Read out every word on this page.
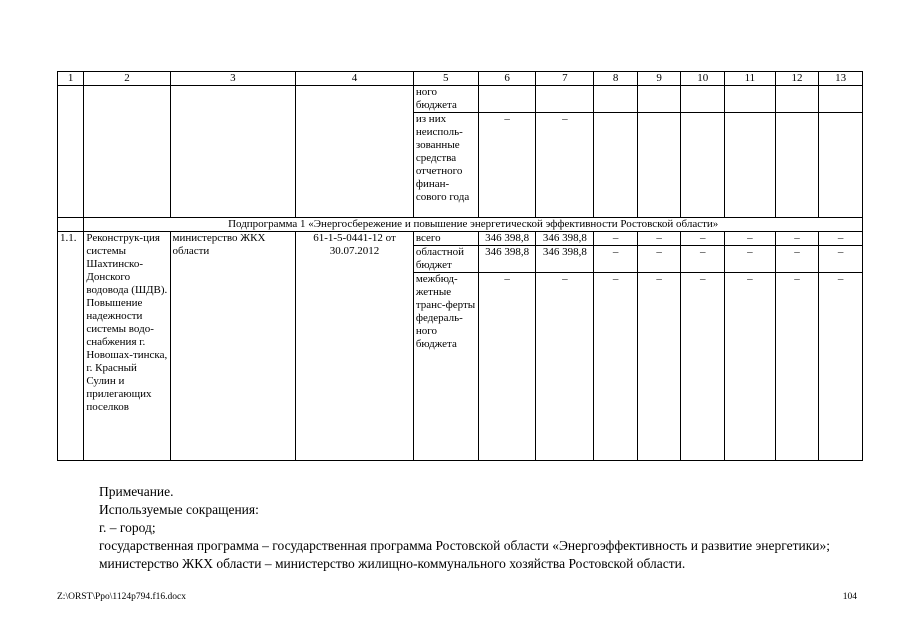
1	2	3	4	5	6	7	8	9	10	11	12	13
				ного бюджета								
				из них неисполь-зованные средства отчетного финан-сового года	–	–						
	Подпрограмма 1 «Энергосбережение и повышение энергетической эффективности Ростовской области»											
1.1.	Реконструк-ция системы Шахтинско-Донского водовода (ШДВ). Повышение надежности системы водо-снабжения г. Новошах-тинска, г. Красный Сулин и прилегающих поселков	министерство ЖКХ области	61-1-5-0441-12 от 30.07.2012	всего	346 398,8	346 398,8	–	–	–	–	–	–
				областной бюджет	346 398,8	346 398,8	–	–	–	–	–	–
				межбюд-жетные транс-ферты федераль-ного бюджета	–	–	–	–	–	–	–	–

Примечание.

Используемые сокращения:

г. – город;

государственная программа – государственная программа Ростовской области «Энергоэффективность и развитие энергетики»;

министерство ЖКХ области – министерство жилищно-коммунального хозяйства Ростовской области.

Z:\ORST\Ppo\1124p794.f16.docx	104
